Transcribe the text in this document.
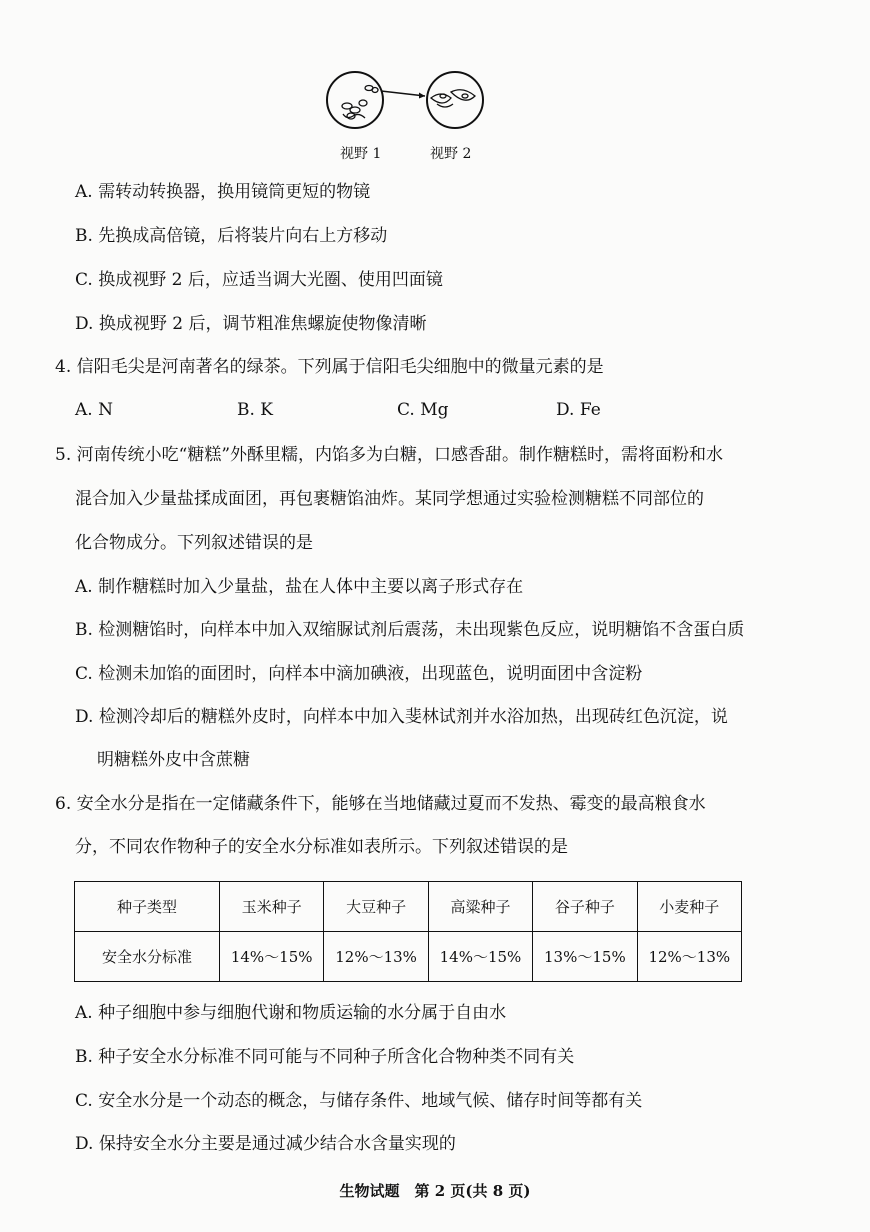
视野 1	视野 2
A. 需转动转换器，换用镜筒更短的物镜
B. 先换成高倍镜，后将装片向右上方移动
C. 换成视野 2 后，应适当调大光圈、使用凹面镜
D. 换成视野 2 后，调节粗准焦螺旋使物像清晰
4. 信阳毛尖是河南著名的绿茶。下列属于信阳毛尖细胞中的微量元素的是
A. N	B. K	C. Mg	D. Fe
5. 河南传统小吃“糖糕”外酥里糯，内馅多为白糖，口感香甜。制作糖糕时，需将面粉和水
混合加入少量盐揉成面团，再包裹糖馅油炸。某同学想通过实验检测糖糕不同部位的
化合物成分。下列叙述错误的是
A. 制作糖糕时加入少量盐，盐在人体中主要以离子形式存在
B. 检测糖馅时，向样本中加入双缩脲试剂后震荡，未出现紫色反应，说明糖馅不含蛋白质
C. 检测未加馅的面团时，向样本中滴加碘液，出现蓝色，说明面团中含淀粉
D. 检测冷却后的糖糕外皮时，向样本中加入斐林试剂并水浴加热，出现砖红色沉淀，说
明糖糕外皮中含蔗糖
6. 安全水分是指在一定储藏条件下，能够在当地储藏过夏而不发热、霉变的最高粮食水
分，不同农作物种子的安全水分标准如表所示。下列叙述错误的是
种子类型	玉米种子	大豆种子	高粱种子	谷子种子	小麦种子
安全水分标准	14%～15%	12%～13%	14%～15%	13%～15%	12%～13%
A. 种子细胞中参与细胞代谢和物质运输的水分属于自由水
B. 种子安全水分标准不同可能与不同种子所含化合物种类不同有关
C. 安全水分是一个动态的概念，与储存条件、地域气候、储存时间等都有关
D. 保持安全水分主要是通过减少结合水含量实现的
生物试题　第 2 页(共 8 页)
